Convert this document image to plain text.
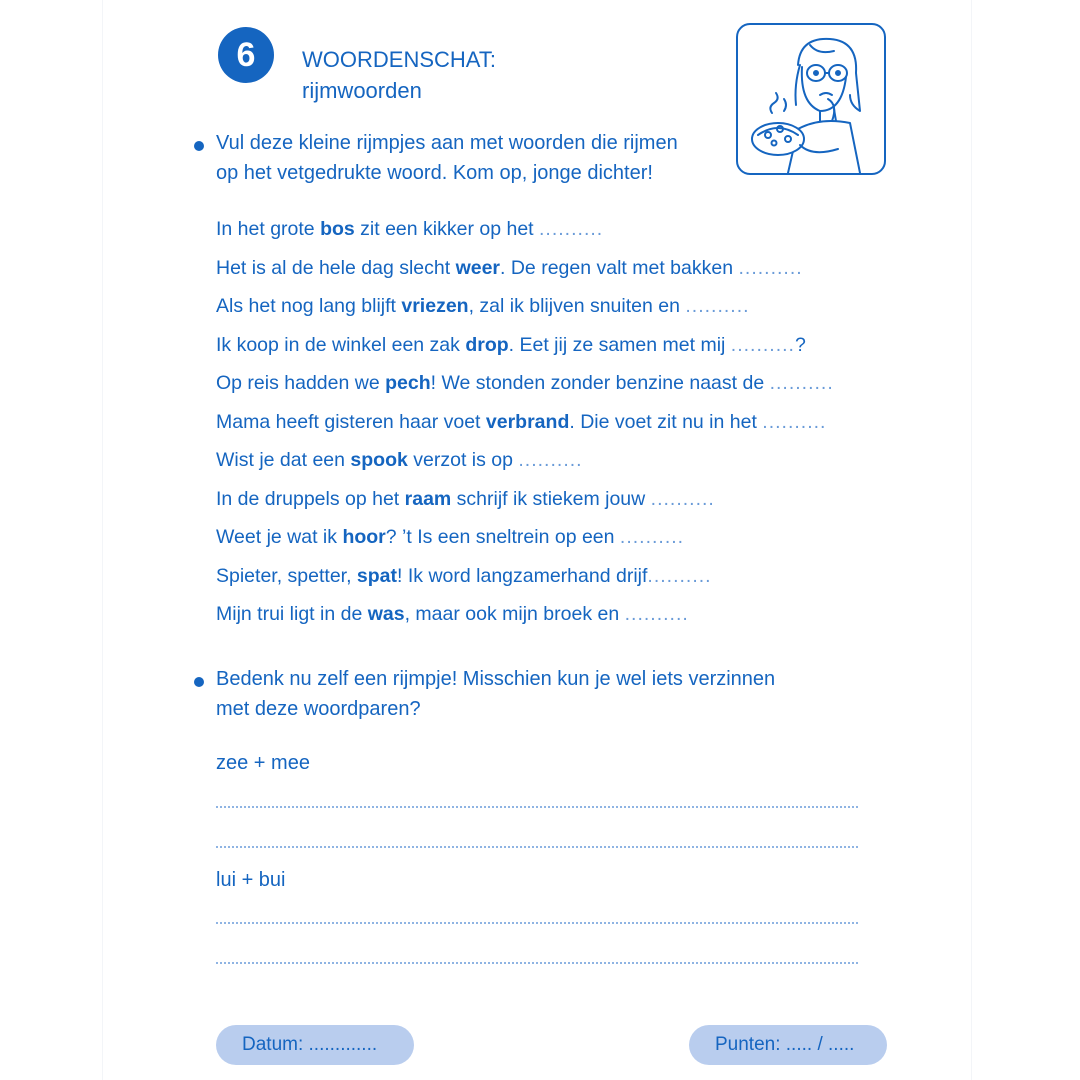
6	WOORDENSCHAT:
rijmwoorden
Vul deze kleine rijmpjes aan met woorden die rijmen
op het vetgedrukte woord. Kom op, jonge dichter!
In het grote bos zit een kikker op het ..........
Het is al de hele dag slecht weer. De regen valt met bakken ..........
Als het nog lang blijft vriezen, zal ik blijven snuiten en ..........
Ik koop in de winkel een zak drop. Eet jij ze samen met mij ..........?
Op reis hadden we pech! We stonden zonder benzine naast de ..........
Mama heeft gisteren haar voet verbrand. Die voet zit nu in het ..........
Wist je dat een spook verzot is op ..........
In de druppels op het raam schrijf ik stiekem jouw ..........
Weet je wat ik hoor? ’t Is een sneltrein op een ..........
Spieter, spetter, spat! Ik word langzamerhand drijf..........
Mijn trui ligt in de was, maar ook mijn broek en ..........
Bedenk nu zelf een rijmpje! Misschien kun je wel iets verzinnen
met deze woordparen?
zee + mee
lui + bui
Datum: .............	Punten: ..... / .....
